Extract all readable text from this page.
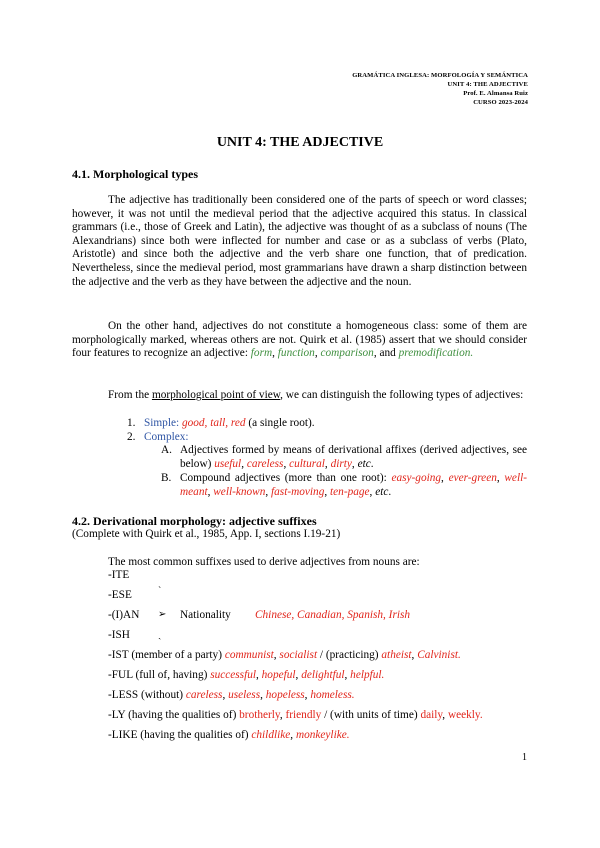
GRAMÁTICA INGLESA: MORFOLOGÍA Y SEMÁNTICA
UNIT 4: THE ADJECTIVE
Prof. E. Almansa Ruiz
CURSO 2023-2024
UNIT 4: THE ADJECTIVE
4.1. Morphological types
The adjective has traditionally been considered one of the parts of speech or word classes; however, it was not until the medieval period that the adjective acquired this status. In classical grammars (i.e., those of Greek and Latin), the adjective was thought of as a subclass of nouns (The Alexandrians) since both were inflected for number and case or as a subclass of verbs (Plato, Aristotle) and since both the adjective and the verb share one function, that of predication. Nevertheless, since the medieval period, most grammarians have drawn a sharp distinction between the adjective and the verb as they have between the adjective and the noun.
On the other hand, adjectives do not constitute a homogeneous class: some of them are morphologically marked, whereas others are not. Quirk et al. (1985) assert that we should consider four features to recognize an adjective: form, function, comparison, and premodification.
From the morphological point of view, we can distinguish the following types of adjectives:
1. Simple: good, tall, red (a single root).
2. Complex:
A. Adjectives formed by means of derivational affixes (derived adjectives, see below) useful, careless, cultural, dirty, etc.
B. Compound adjectives (more than one root): easy-going, ever-green, well-meant, well-known, fast-moving, ten-page, etc.
4.2. Derivational morphology: adjective suffixes
(Complete with Quirk et al., 1985, App. I, sections I.19-21)
The most common suffixes used to derive adjectives from nouns are:
-ITE
-ESE	`
-(I)AN ➢ Nationality Chinese, Canadian, Spanish, Irish
-ISH	ˏ
-IST (member of a party) communist, socialist / (practicing) atheist, Calvinist.
-FUL (full of, having) successful, hopeful, delightful, helpful.
-LESS (without) careless, useless, hopeless, homeless.
-LY (having the qualities of) brotherly, friendly / (with units of time) daily, weekly.
-LIKE (having the qualities of) childlike, monkeylike.
1
